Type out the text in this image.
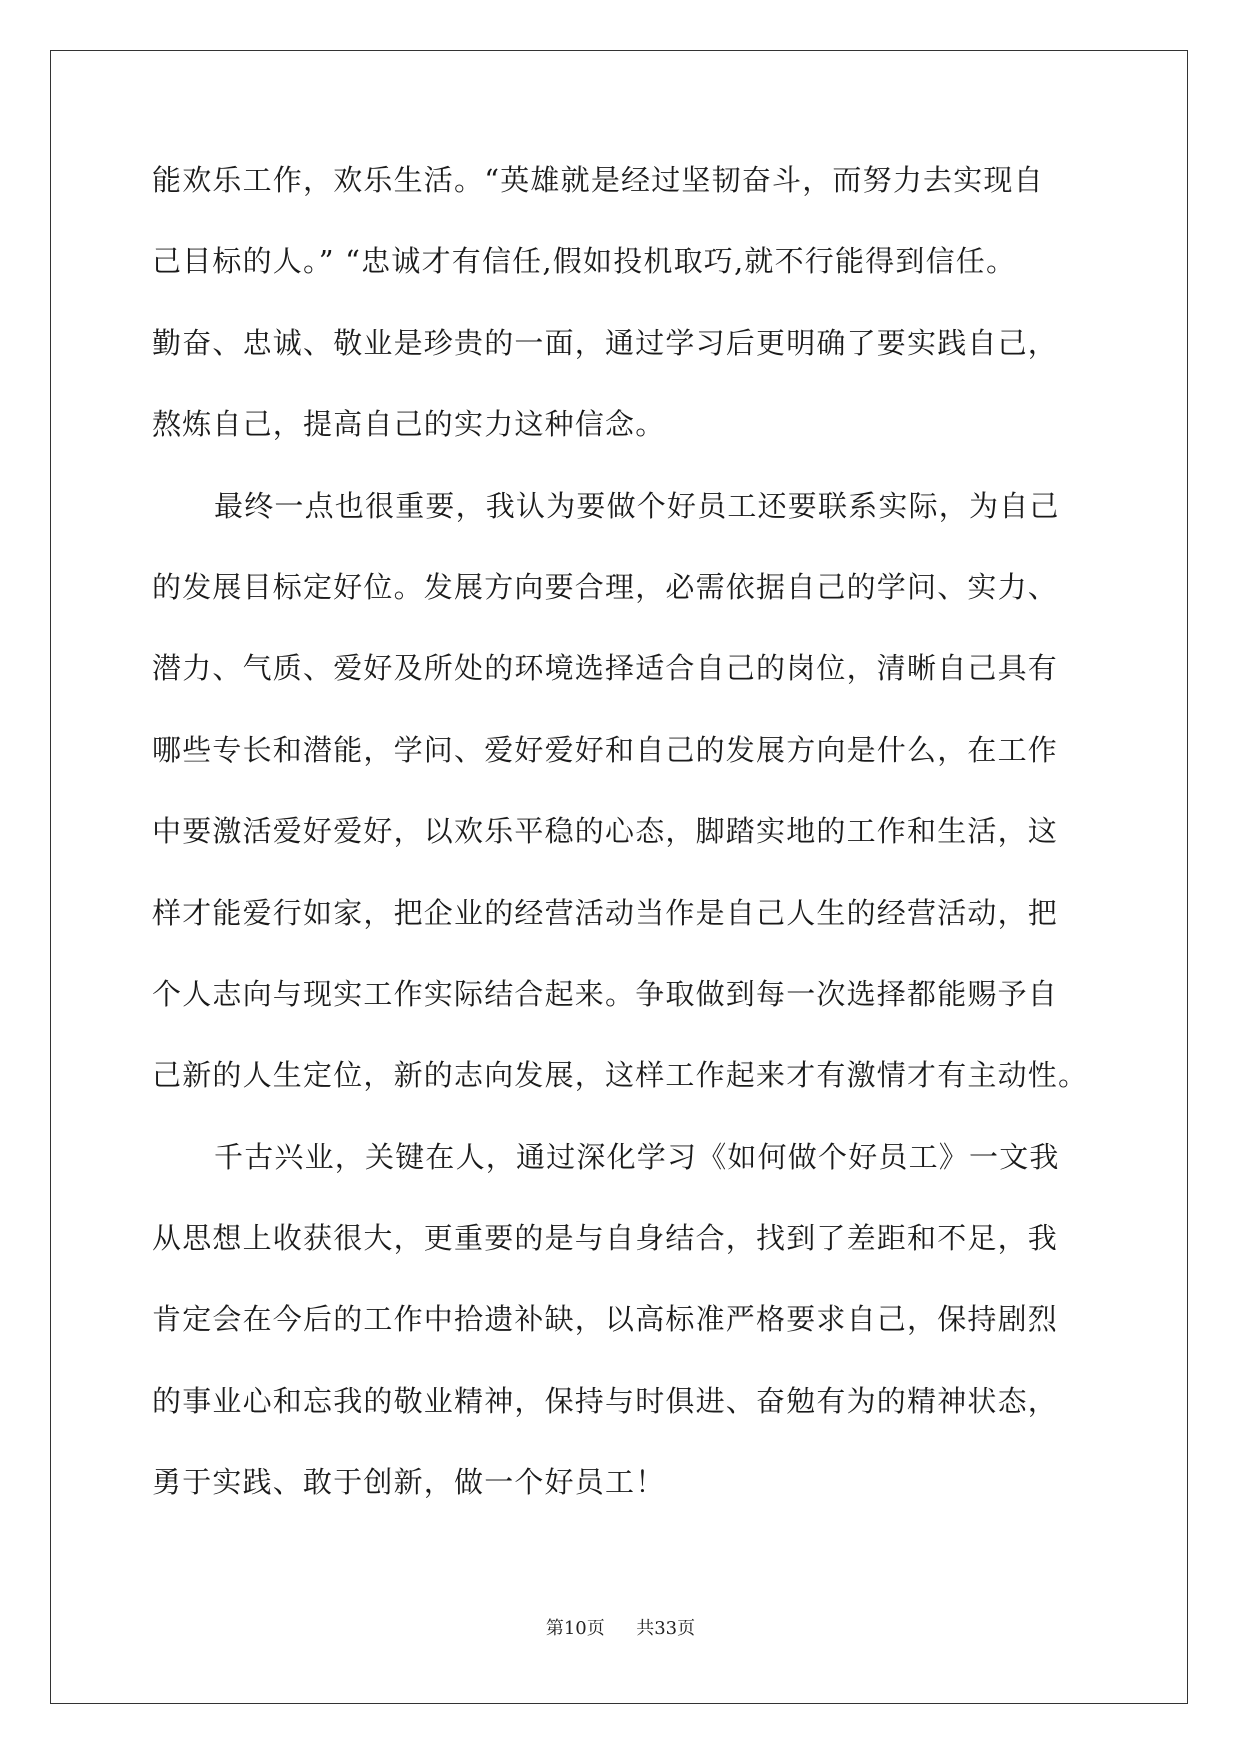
能欢乐工作，欢乐生活。“英雄就是经过坚韧奋斗，而努力去实现自
己目标的人。” “忠诚才有信任,假如投机取巧,就不行能得到信任。
勤奋、忠诚、敬业是珍贵的一面，通过学习后更明确了要实践自己，
熬炼自己，提高自己的实力这种信念。
最终一点也很重要，我认为要做个好员工还要联系实际，为自己
的发展目标定好位。发展方向要合理，必需依据自己的学问、实力、
潜力、气质、爱好及所处的环境选择适合自己的岗位，清晰自己具有
哪些专长和潜能，学问、爱好爱好和自己的发展方向是什么，在工作
中要激活爱好爱好，以欢乐平稳的心态，脚踏实地的工作和生活，这
样才能爱行如家，把企业的经营活动当作是自己人生的经营活动，把
个人志向与现实工作实际结合起来。争取做到每一次选择都能赐予自
己新的人生定位，新的志向发展，这样工作起来才有激情才有主动性。
千古兴业，关键在人，通过深化学习《如何做个好员工》一文我
从思想上收获很大，更重要的是与自身结合，找到了差距和不足，我
肯定会在今后的工作中拾遗补缺，以高标准严格要求自己，保持剧烈
的事业心和忘我的敬业精神，保持与时俱进、奋勉有为的精神状态，
勇于实践、敢于创新，做一个好员工！
第10页 共33页
